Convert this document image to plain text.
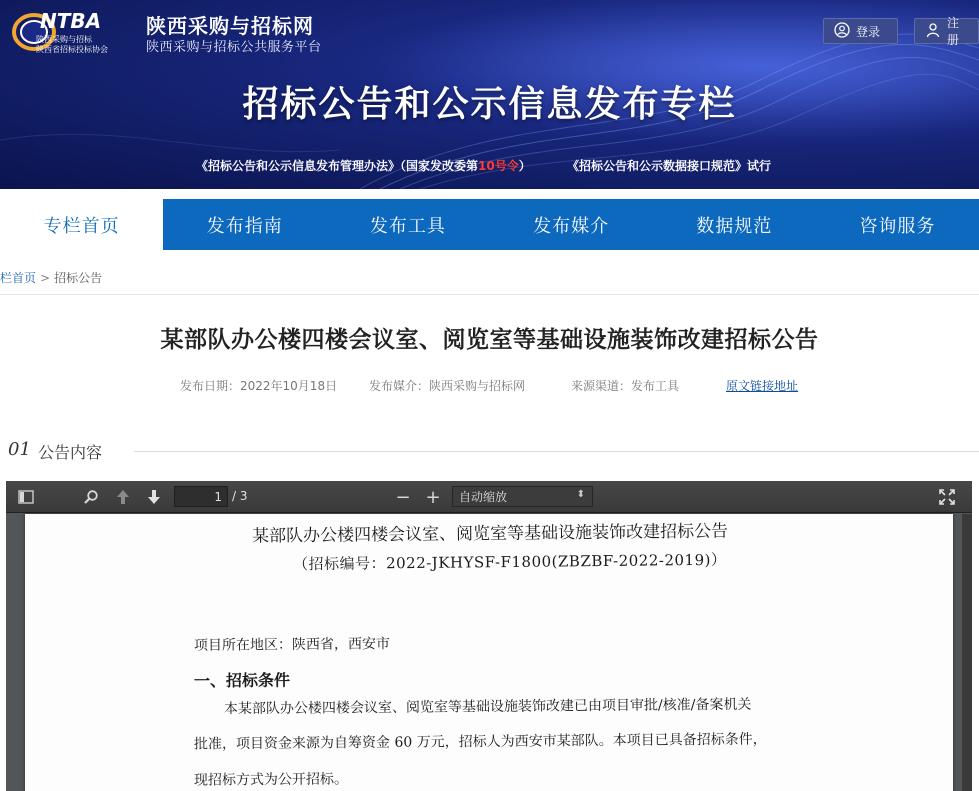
NTBA
陕西采购与招标
陕西省招标投标协会
陕西采购与招标网
陕西采购与招标公共服务平台
登录
注册
招标公告和公示信息发布专栏
《招标公告和公示信息发布管理办法》（国家发改委第10号令）	《招标公告和公示数据接口规范》试行
专栏首页	发布指南	发布工具	发布媒介	数据规范	咨询服务
栏首页 > 招标公告
某部队办公楼四楼会议室、阅览室等基础设施装饰改建招标公告
发布日期：2022年10月18日	发布媒介：陕西采购与招标网	来源渠道：发布工具	原文链接地址
01 公告内容
1
/ 3	− + 自动缩放	⬍
某部队办公楼四楼会议室、阅览室等基础设施装饰改建招标公告
（招标编号：2022-JKHYSF-F1800(ZBZBF-2022-2019)）
项目所在地区：陕西省，西安市
一、招标条件
本某部队办公楼四楼会议室、阅览室等基础设施装饰改建已由项目审批/核准/备案机关
批准，项目资金来源为自筹资金 60 万元，招标人为西安市某部队。本项目已具备招标条件，
现招标方式为公开招标。
